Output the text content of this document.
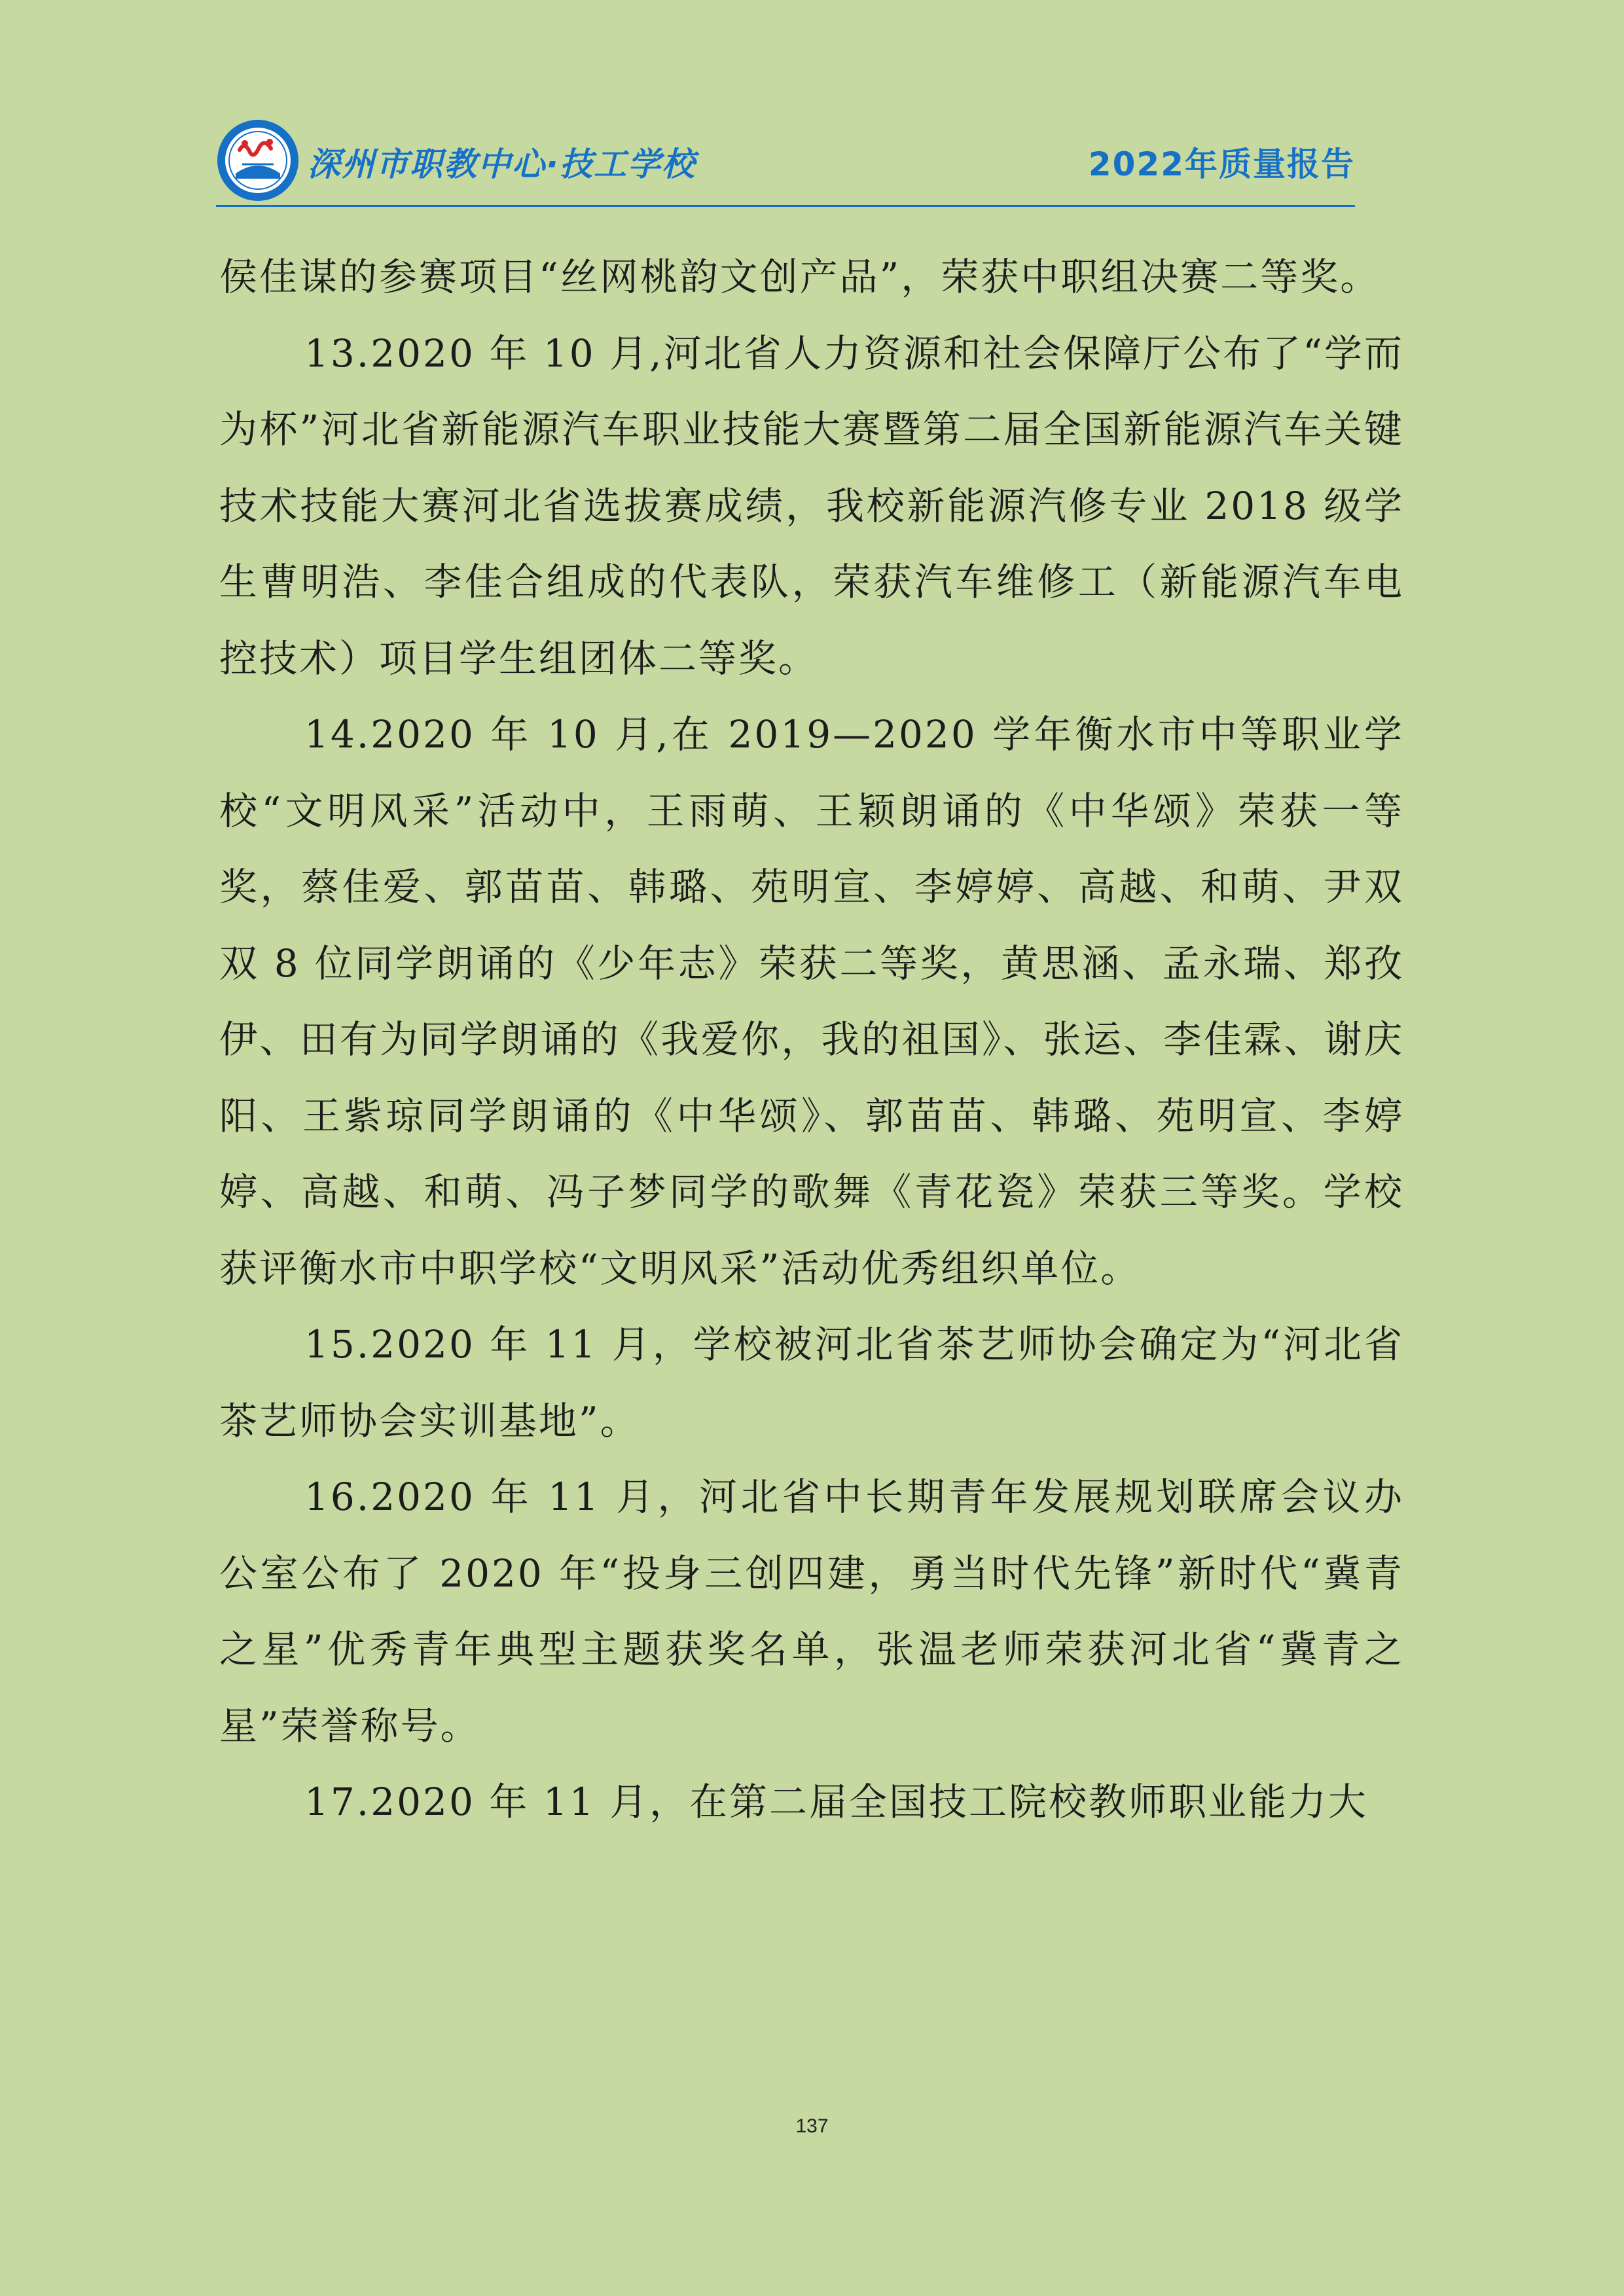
深州市职教中心·技工学校	2022年质量报告

侯佳谋的参赛项目“丝网桃韵文创产品”，荣获中职组决赛二等奖。

13.2020 年 10 月,河北省人力资源和社会保障厅公布了“学而为杯”河北省新能源汽车职业技能大赛暨第二届全国新能源汽车关键技术技能大赛河北省选拔赛成绩，我校新能源汽修专业 2018 级学生曹明浩、李佳合组成的代表队，荣获汽车维修工（新能源汽车电控技术）项目学生组团体二等奖。

14.2020 年 10 月,在 2019—2020 学年衡水市中等职业学校“文明风采”活动中，王雨萌、王颖朗诵的《中华颂》荣获一等奖，蔡佳爱、郭苗苗、韩璐、苑明宣、李婷婷、高越、和萌、尹双双 8 位同学朗诵的《少年志》荣获二等奖，黄思涵、孟永瑞、郑孜伊、田有为同学朗诵的《我爱你，我的祖国》、张运、李佳霖、谢庆阳、王紫琼同学朗诵的《中华颂》、郭苗苗、韩璐、苑明宣、李婷婷、高越、和萌、冯子梦同学的歌舞《青花瓷》荣获三等奖。学校获评衡水市中职学校“文明风采”活动优秀组织单位。

15.2020 年 11 月，学校被河北省茶艺师协会确定为“河北省茶艺师协会实训基地”。

16.2020 年 11 月，河北省中长期青年发展规划联席会议办公室公布了 2020 年“投身三创四建，勇当时代先锋”新时代“冀青之星”优秀青年典型主题获奖名单，张温老师荣获河北省“冀青之星”荣誉称号。

17.2020 年 11 月，在第二届全国技工院校教师职业能力大

137
